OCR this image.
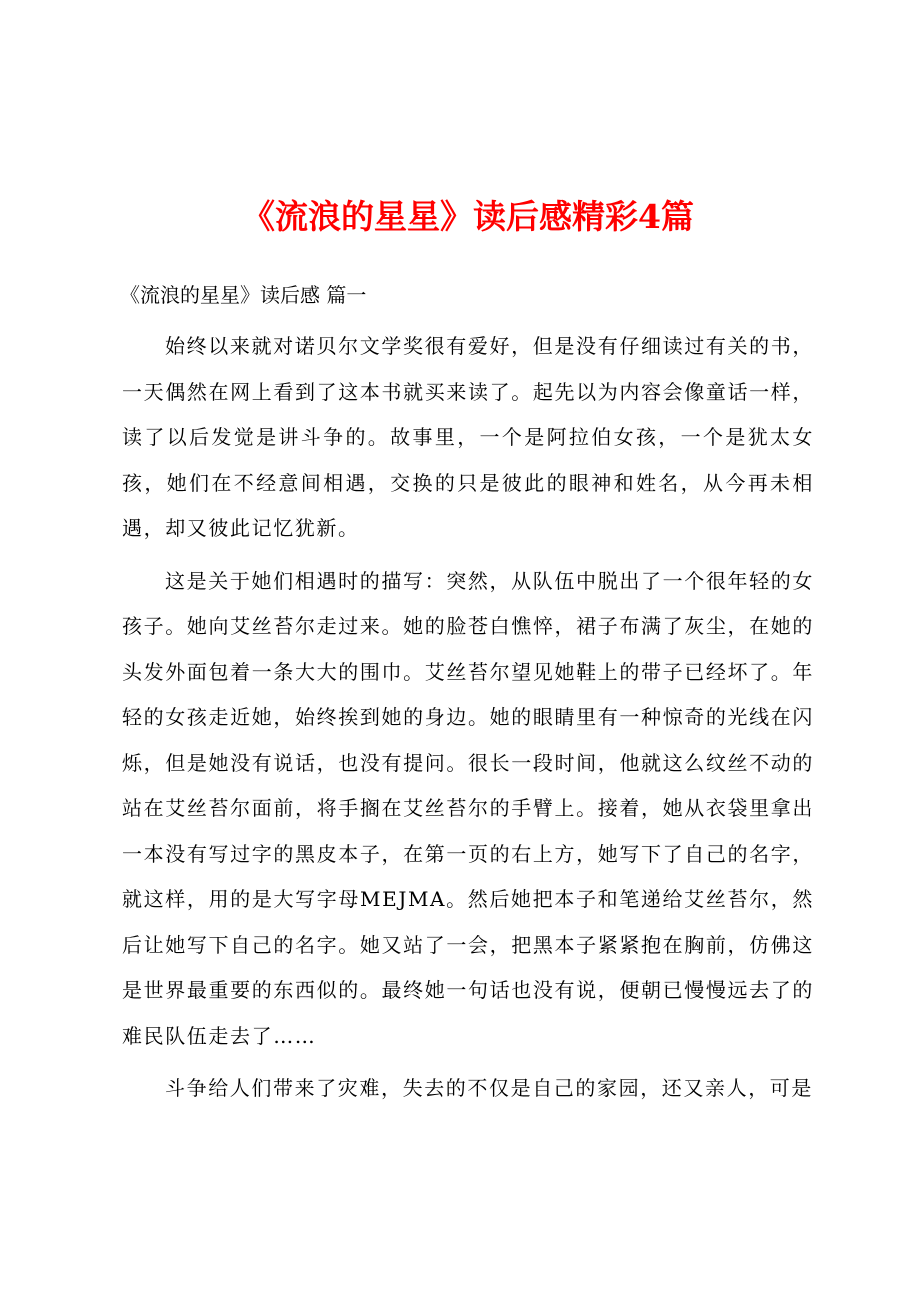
《流浪的星星》读后感精彩4篇
《流浪的星星》读后感 篇一

始终以来就对诺贝尔文学奖很有爱好，但是没有仔细读过有关的书，一天偶然在网上看到了这本书就买来读了。起先以为内容会像童话一样，读了以后发觉是讲斗争的。故事里，一个是阿拉伯女孩，一个是犹太女孩，她们在不经意间相遇，交换的只是彼此的眼神和姓名，从今再未相遇，却又彼此记忆犹新。

这是关于她们相遇时的描写：突然，从队伍中脱出了一个很年轻的女孩子。她向艾丝苔尔走过来。她的脸苍白憔悴，裙子布满了灰尘，在她的头发外面包着一条大大的围巾。艾丝苔尔望见她鞋上的带子已经坏了。年轻的女孩走近她，始终挨到她的身边。她的眼睛里有一种惊奇的光线在闪烁，但是她没有说话，也没有提问。很长一段时间，他就这么纹丝不动的站在艾丝苔尔面前，将手搁在艾丝苔尔的手臂上。接着，她从衣袋里拿出一本没有写过字的黑皮本子，在第一页的右上方，她写下了自己的名字，就这样，用的是大写字母MEJMA。然后她把本子和笔递给艾丝苔尔，然后让她写下自己的名字。她又站了一会，把黑本子紧紧抱在胸前，仿佛这是世界最重要的东西似的。最终她一句话也没有说，便朝已慢慢远去了的难民队伍走去了……

斗争给人们带来了灾难，失去的不仅是自己的家园，还又亲人，可是
